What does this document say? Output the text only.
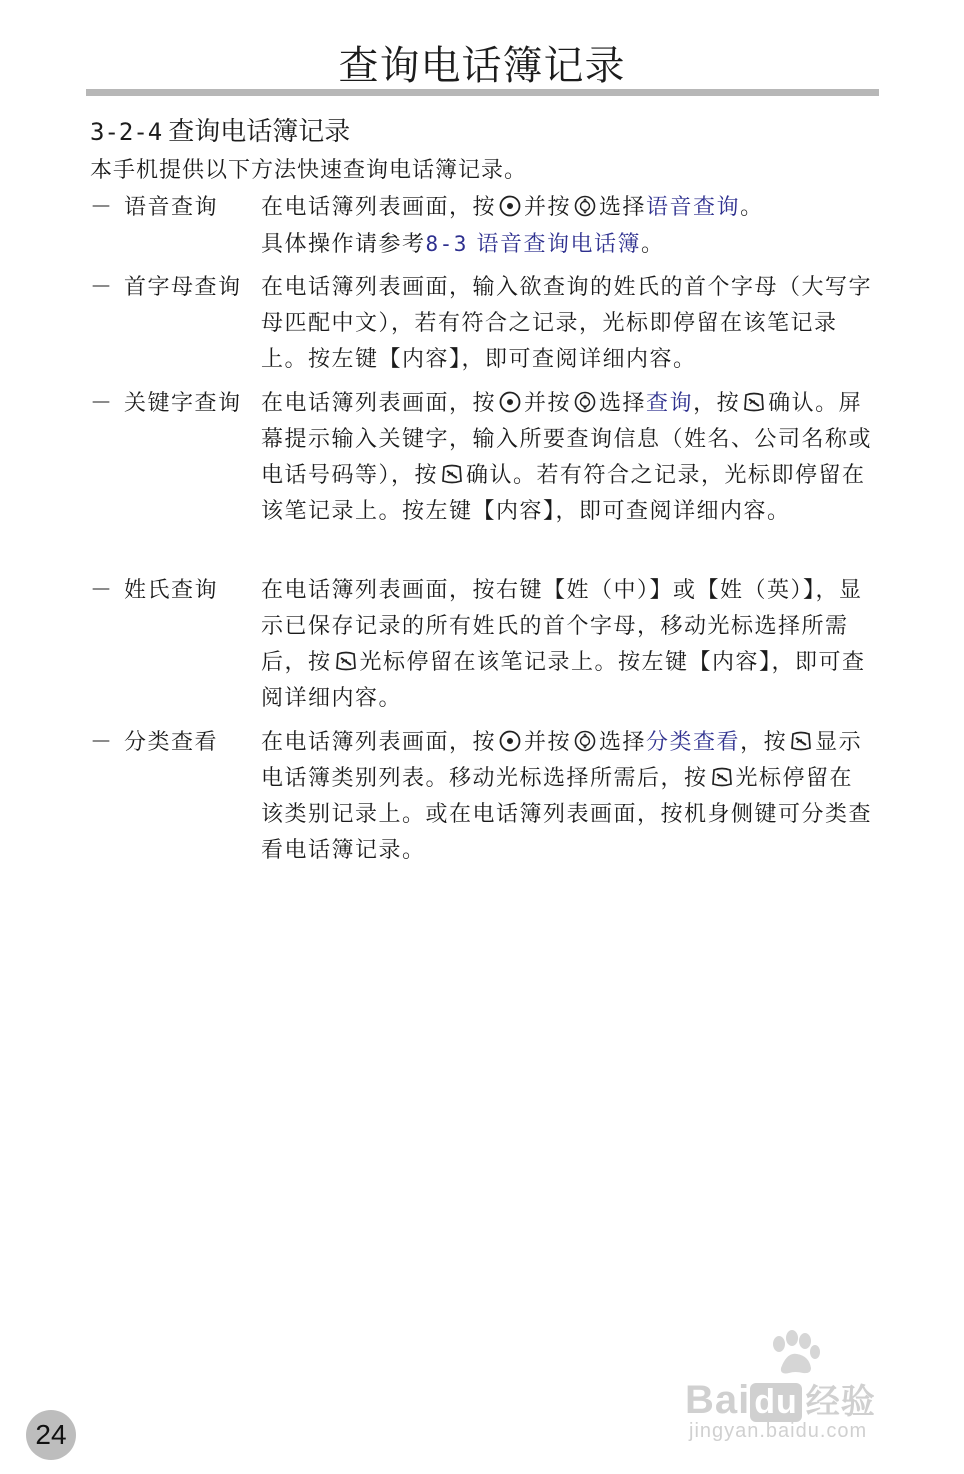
查询电话簿记录
3-2-4 查询电话簿记录
本手机提供以下方法快速查询电话簿记录。
－ 语音查询 在电话簿列表画面，按 并按 选择语音查询。
具体操作请参考8-3 语音查询电话簿。
－ 首字母查询 在电话簿列表画面，输入欲查询的姓氏的首个字母（大写字母匹配中文），若有符合之记录，光标即停留在该笔记录上。按左键【内容】，即可查阅详细内容。
－ 关键字查询 在电话簿列表画面，按 并按 选择查询，按 确认。屏幕提示输入关键字，输入所要查询信息（姓名、公司名称或电话号码等），按 确认。若有符合之记录，光标即停留在该笔记录上。按左键【内容】，即可查阅详细内容。
－ 姓氏查询 在电话簿列表画面，按右键【姓（中）】或【姓（英）】，显示已保存记录的所有姓氏的首个字母，移动光标选择所需后，按 光标停留在该笔记录上。按左键【内容】，即可查阅详细内容。
－ 分类查看 在电话簿列表画面，按 并按 选择分类查看，按 显示电话簿类别列表。移动光标选择所需后，按 光标停留在该类别记录上。或在电话簿列表画面，按机身侧键可分类查看电话簿记录。
Bai du 经验
jingyan.baidu.com
24
